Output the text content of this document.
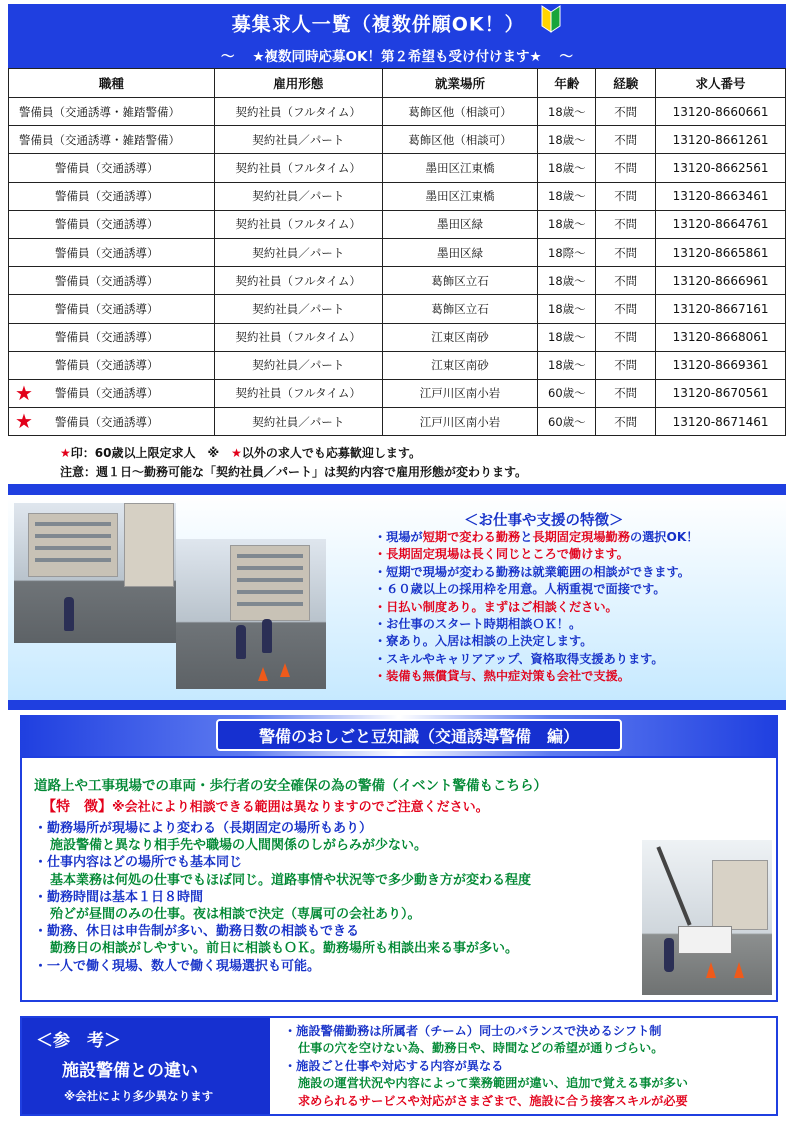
募集求人一覧（複数併願OK！）
～ ★複数同時応募OK！第２希望も受け付けます★ ～
職種	雇用形態	就業場所	年齢	経験	求人番号
警備員（交通誘導・雑踏警備）	契約社員（フルタイム）	葛飾区他（相談可）	18歳～	不問	13120-8660661
警備員（交通誘導・雑踏警備）	契約社員／パート	葛飾区他（相談可）	18歳～	不問	13120-8661261
警備員（交通誘導）	契約社員（フルタイム）	墨田区江東橋	18歳～	不問	13120-8662561
警備員（交通誘導）	契約社員／パート	墨田区江東橋	18歳～	不問	13120-8663461
警備員（交通誘導）	契約社員（フルタイム）	墨田区緑	18歳～	不問	13120-8664761
警備員（交通誘導）	契約社員／パート	墨田区緑	18際～	不問	13120-8665861
警備員（交通誘導）	契約社員（フルタイム）	葛飾区立石	18歳～	不問	13120-8666961
警備員（交通誘導）	契約社員／パート	葛飾区立石	18歳～	不問	13120-8667161
警備員（交通誘導）	契約社員（フルタイム）	江東区南砂	18歳～	不問	13120-8668061
警備員（交通誘導）	契約社員／パート	江東区南砂	18歳～	不問	13120-8669361

★ 警備員（交通誘導）	契約社員（フルタイム）	江戸川区南小岩	60歳～	不問	13120-8670561

★ 警備員（交通誘導）	契約社員／パート	江戸川区南小岩	60歳～	不問	13120-8671461
★印：60歳以上限定求人　※　★以外の求人でも応募歓迎します。
注意：週１日～勤務可能な「契約社員／パート」は契約内容で雇用形態が変わります。
＜お仕事や支援の特徴＞
・現場が短期で変わる勤務と長期固定現場勤務の選択OK！
・長期固定現場は長く同じところで働けます。
・短期で現場が変わる勤務は就業範囲の相談ができます。
・６０歳以上の採用枠を用意。人柄重視で面接です。
・日払い制度あり。まずはご相談ください。
・お仕事のスタート時期相談ＯＫ！。
・寮あり。入居は相談の上決定します。
・スキルやキャリアアップ、資格取得支援あります。
・装備も無償貸与、熱中症対策も会社で支援。
警備のおしごと豆知識（交通誘導警備　編）
道路上や工事現場での車両・歩行者の安全確保の為の警備（イベント警備もこちら）
【特　徴】※会社により相談できる範囲は異なりますのでご注意ください。
・勤務場所が現場により変わる（長期固定の場所もあり）
施設警備と異なり相手先や職場の人間関係のしがらみが少ない。
・仕事内容はどの場所でも基本同じ
基本業務は何処の仕事でもほぼ同じ。道路事情や状況等で多少動き方が変わる程度
・勤務時間は基本１日８時間
殆どが昼間のみの仕事。夜は相談で決定（専属可の会社あり）。
・勤務、休日は申告制が多い、勤務日数の相談もできる
勤務日の相談がしやすい。前日に相談もＯＫ。勤務場所も相談出来る事が多い。
・一人で働く現場、数人で働く現場選択も可能。
＜参　考＞
施設警備との違い
※会社により多少異なります
・施設警備勤務は所属者（チーム）同士のバランスで決めるシフト制
仕事の穴を空けない為、勤務日や、時間などの希望が通りづらい。
・施設ごと仕事や対応する内容が異なる
施設の運営状況や内容によって業務範囲が違い、追加で覚える事が多い
求められるサービスや対応がさまざまで、施設に合う接客スキルが必要
